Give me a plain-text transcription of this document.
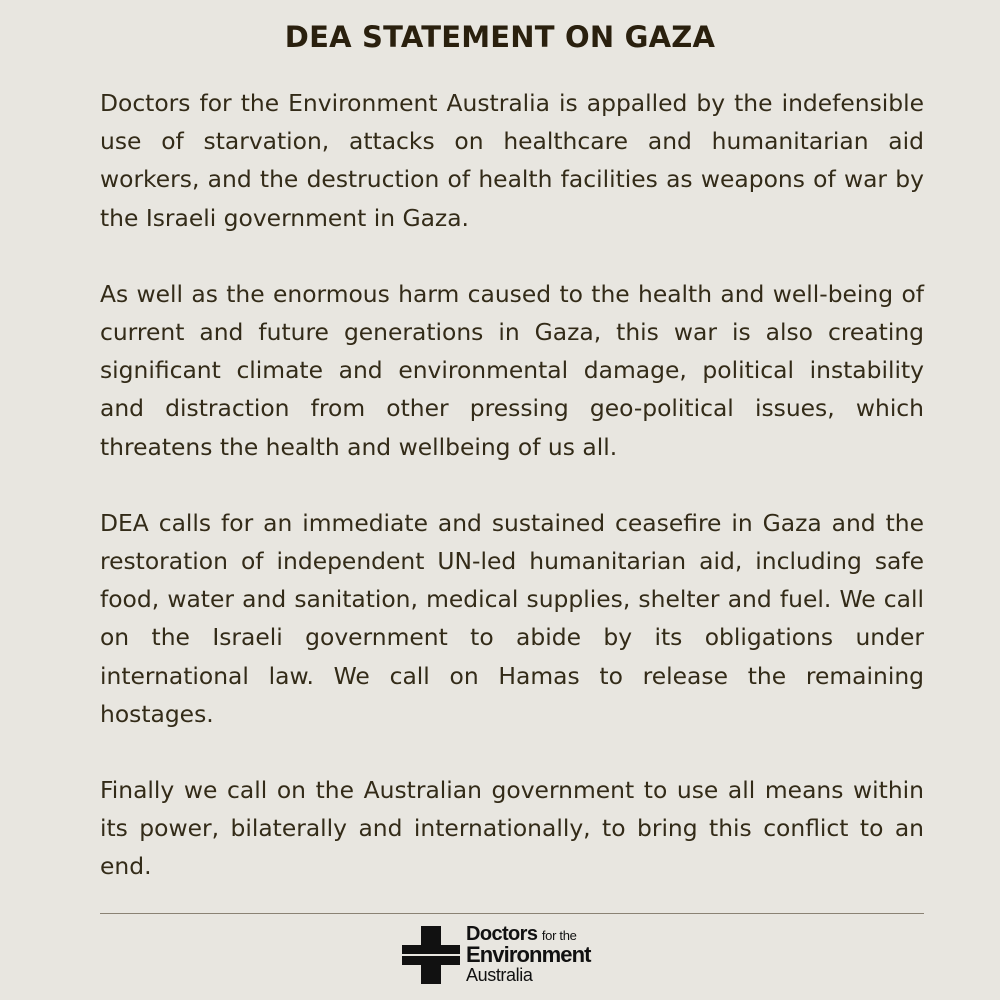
DEA STATEMENT ON GAZA

Doctors for the Environment Australia is appalled by the indefensible use of starvation, attacks on healthcare and humanitarian aid workers, and the destruction of health facilities as weapons of war by the Israeli government in Gaza.

As well as the enormous harm caused to the health and well-being of current and future generations in Gaza, this war is also creating significant climate and environmental damage, political instability and distraction from other pressing geo-political issues, which threatens the health and wellbeing of us all.

DEA calls for an immediate and sustained ceasefire in Gaza and the restoration of independent UN-led humanitarian aid, including safe food, water and sanitation, medical supplies, shelter and fuel. We call on the Israeli government to abide by its obligations under international law. We call on Hamas to release the remaining hostages.

Finally we call on the Australian government to use all means within its power, bilaterally and internationally, to bring this conflict to an end.

Doctors for the
Environment
Australia
